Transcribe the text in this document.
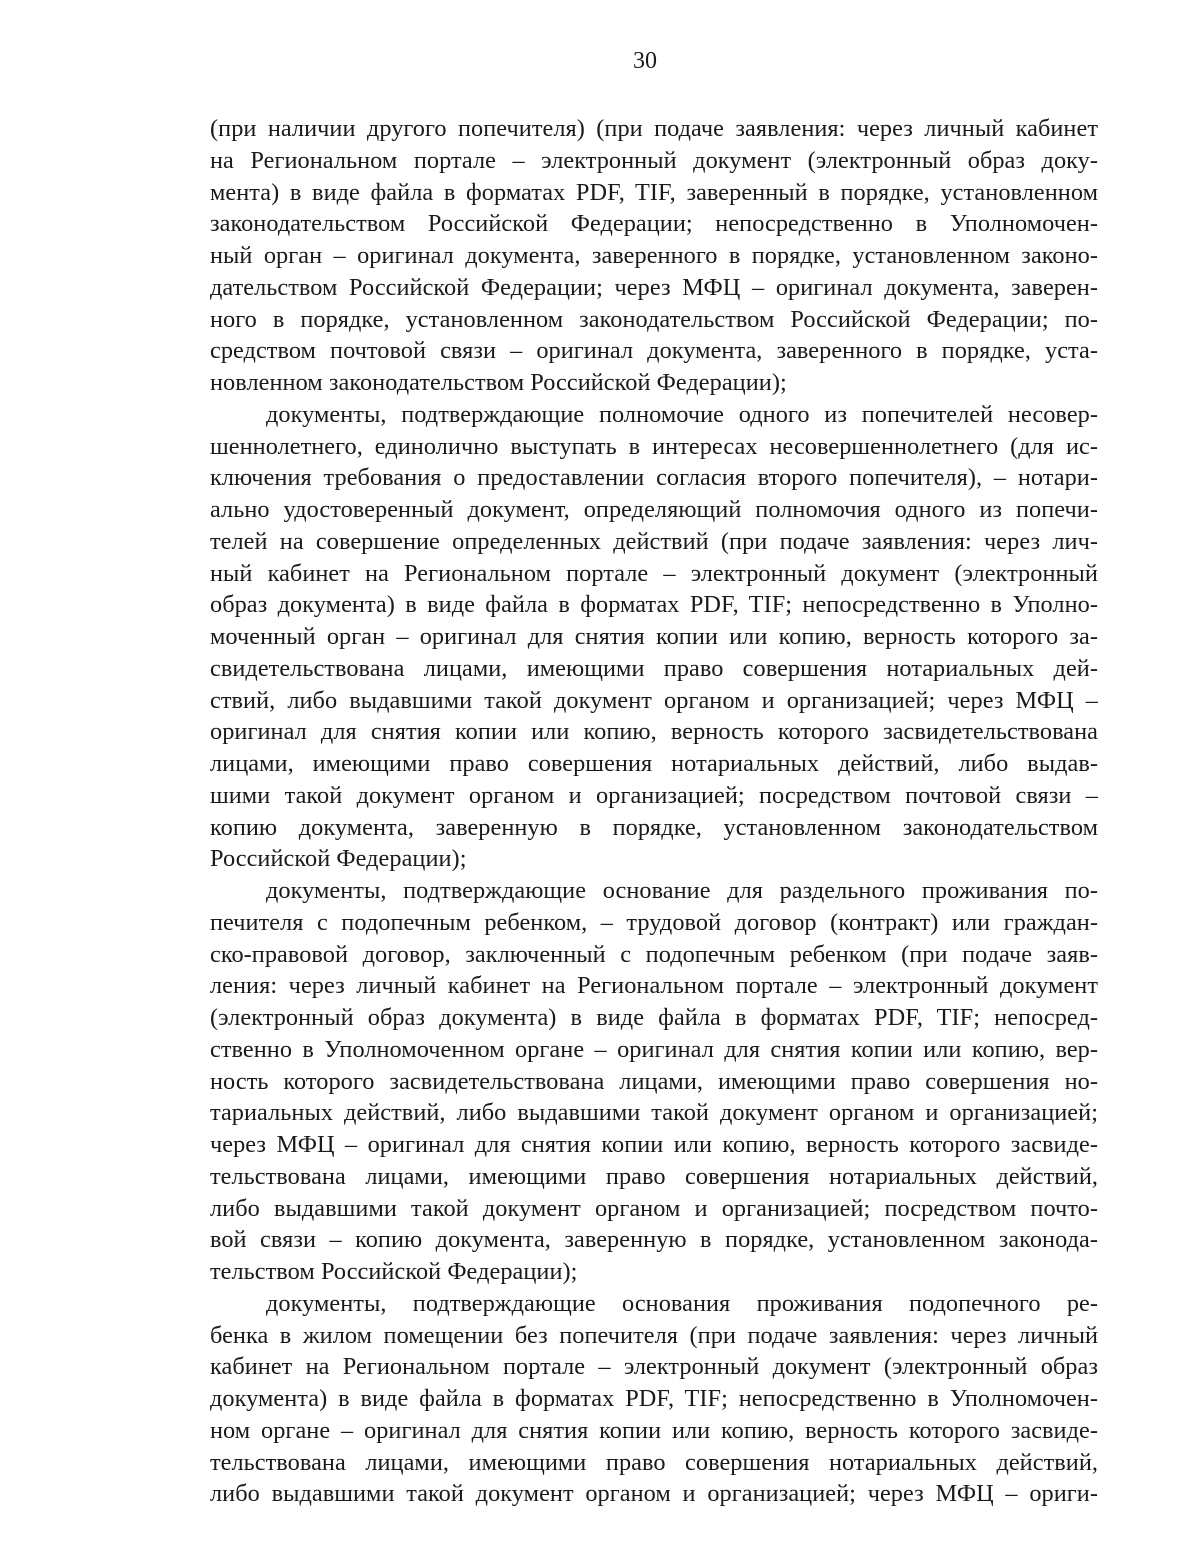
30
(при наличии другого попечителя) (при подаче заявления: через личный кабинет
на Региональном портале – электронный документ (электронный образ доку-
мента) в виде файла в форматах PDF, TIF, заверенный в порядке, установленном
законодательством Российской Федерации; непосредственно в Уполномочен-
ный орган – оригинал документа, заверенного в порядке, установленном законо-
дательством Российской Федерации; через МФЦ – оригинал документа, заверен-
ного в порядке, установленном законодательством Российской Федерации; по-
средством почтовой связи – оригинал документа, заверенного в порядке, уста-
новленном законодательством Российской Федерации);
документы, подтверждающие полномочие одного из попечителей несовер-
шеннолетнего, единолично выступать в интересах несовершеннолетнего (для ис-
ключения требования о предоставлении согласия второго попечителя), – нотари-
ально удостоверенный документ, определяющий полномочия одного из попечи-
телей на совершение определенных действий (при подаче заявления: через лич-
ный кабинет на Региональном портале – электронный документ (электронный
образ документа) в виде файла в форматах PDF, TIF; непосредственно в Уполно-
моченный орган – оригинал для снятия копии или копию, верность которого за-
свидетельствована лицами, имеющими право совершения нотариальных дей-
ствий, либо выдавшими такой документ органом и организацией; через МФЦ –
оригинал для снятия копии или копию, верность которого засвидетельствована
лицами, имеющими право совершения нотариальных действий, либо выдав-
шими такой документ органом и организацией; посредством почтовой связи –
копию документа, заверенную в порядке, установленном законодательством
Российской Федерации);
документы, подтверждающие основание для раздельного проживания по-
печителя с подопечным ребенком, – трудовой договор (контракт) или граждан-
ско-правовой договор, заключенный с подопечным ребенком (при подаче заяв-
ления: через личный кабинет на Региональном портале – электронный документ
(электронный образ документа) в виде файла в форматах PDF, TIF; непосред-
ственно в Уполномоченном органе – оригинал для снятия копии или копию, вер-
ность которого засвидетельствована лицами, имеющими право совершения но-
тариальных действий, либо выдавшими такой документ органом и организацией;
через МФЦ – оригинал для снятия копии или копию, верность которого засвиде-
тельствована лицами, имеющими право совершения нотариальных действий,
либо выдавшими такой документ органом и организацией; посредством почто-
вой связи – копию документа, заверенную в порядке, установленном законода-
тельством Российской Федерации);
документы, подтверждающие основания проживания подопечного ре-
бенка в жилом помещении без попечителя (при подаче заявления: через личный
кабинет на Региональном портале – электронный документ (электронный образ
документа) в виде файла в форматах PDF, TIF; непосредственно в Уполномочен-
ном органе – оригинал для снятия копии или копию, верность которого засвиде-
тельствована лицами, имеющими право совершения нотариальных действий,
либо выдавшими такой документ органом и организацией; через МФЦ – ориги-
